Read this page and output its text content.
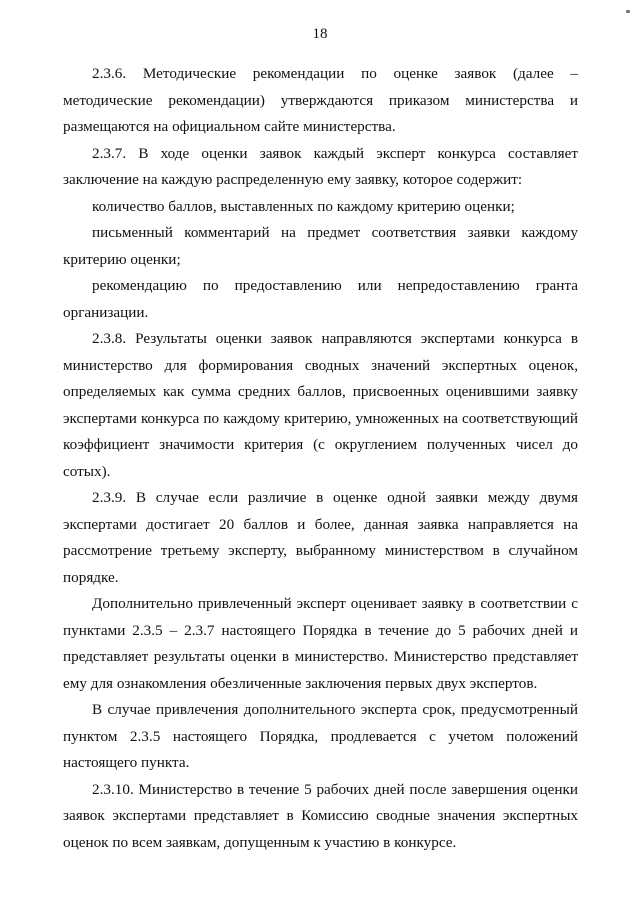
18

2.3.6. Методические рекомендации по оценке заявок (далее – методические рекомендации) утверждаются приказом министерства и размещаются на официальном сайте министерства.

2.3.7. В ходе оценки заявок каждый эксперт конкурса составляет заключение на каждую распределенную ему заявку, которое содержит:

количество баллов, выставленных по каждому критерию оценки;

письменный комментарий на предмет соответствия заявки каждому критерию оценки;

рекомендацию по предоставлению или непредоставлению гранта организации.

2.3.8. Результаты оценки заявок направляются экспертами конкурса в министерство для формирования сводных значений экспертных оценок, определяемых как сумма средних баллов, присвоенных оценившими заявку экспертами конкурса по каждому критерию, умноженных на соответствующий коэффициент значимости критерия (с округлением полученных чисел до сотых).

2.3.9. В случае если различие в оценке одной заявки между двумя экспертами достигает 20 баллов и более, данная заявка направляется на рассмотрение третьему эксперту, выбранному министерством в случайном порядке.

Дополнительно привлеченный эксперт оценивает заявку в соответствии с пунктами 2.3.5 – 2.3.7 настоящего Порядка в течение до 5 рабочих дней и представляет результаты оценки в министерство. Министерство представляет ему для ознакомления обезличенные заключения первых двух экспертов.

В случае привлечения дополнительного эксперта срок, предусмотренный пунктом 2.3.5 настоящего Порядка, продлевается с учетом положений настоящего пункта.

2.3.10. Министерство в течение 5 рабочих дней после завершения оценки заявок экспертами представляет в Комиссию сводные значения экспертных оценок по всем заявкам, допущенным к участию в конкурсе.
